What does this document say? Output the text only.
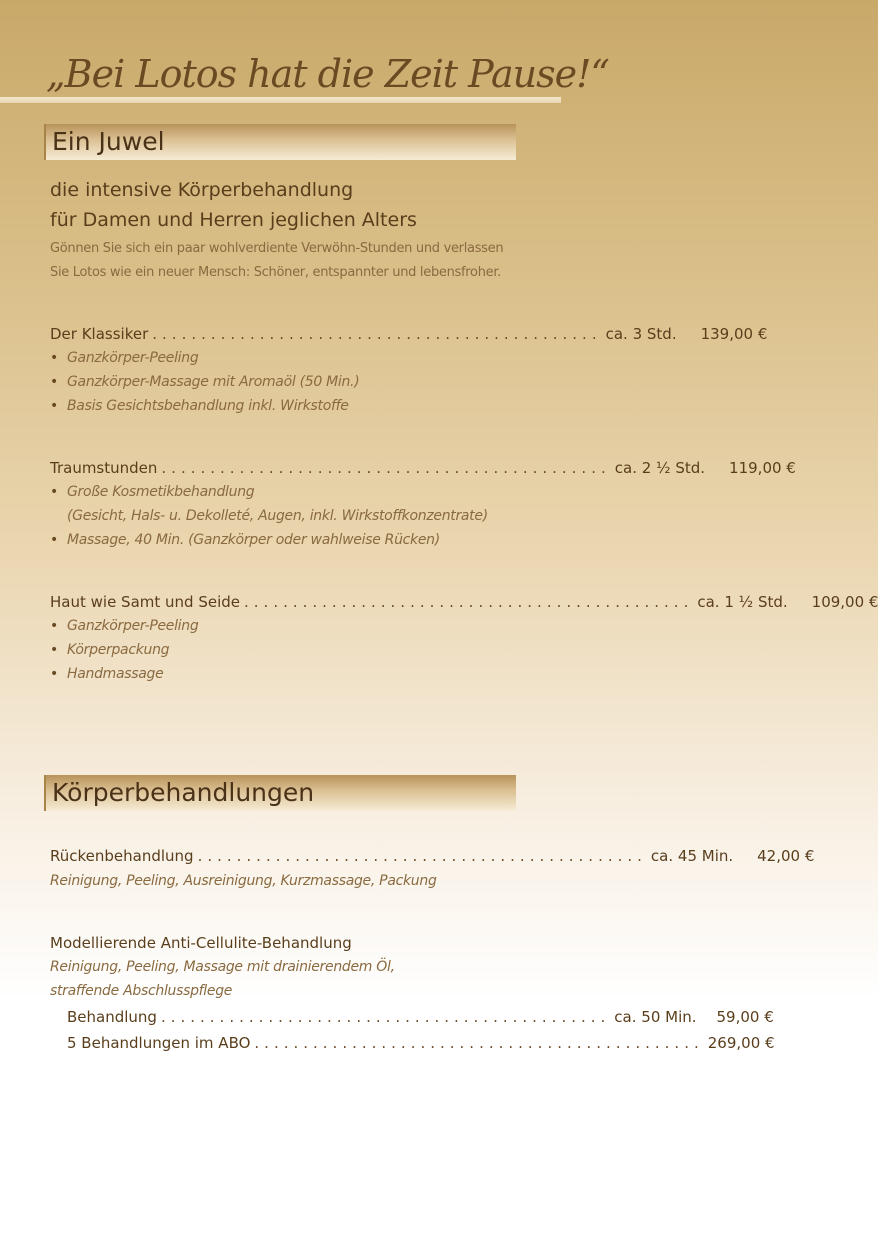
„Bei Lotos hat die Zeit Pause!“
Ein Juwel
die intensive Körperbehandlung
für Damen und Herren jeglichen Alters
Gönnen Sie sich ein paar wohlverdiente Verwöhn-Stunden und verlassen
Sie Lotos wie ein neuer Mensch: Schöner, entspannter und lebensfroher.
Der Klassiker .............................................. ca. 3 Std.	139,00 €
• Ganzkörper-Peeling
• Ganzkörper-Massage mit Aromaöl (50 Min.)
• Basis Gesichtsbehandlung inkl. Wirkstoffe
Traumstunden .............................................. ca. 2 ½ Std.	119,00 €
• Große Kosmetikbehandlung
(Gesicht, Hals- u. Dekolleté, Augen, inkl. Wirkstoffkonzentrate)
• Massage, 40 Min. (Ganzkörper oder wahlweise Rücken)
Haut wie Samt und Seide .............................................. ca. 1 ½ Std.	109,00 €
• Ganzkörper-Peeling
• Körperpackung
• Handmassage
Körperbehandlungen
Rückenbehandlung .............................................. ca. 45 Min.	42,00 €
Reinigung, Peeling, Ausreinigung, Kurzmassage, Packung
Modellierende Anti-Cellulite-Behandlung
Reinigung, Peeling, Massage mit drainierendem Öl,
straffende Abschlusspflege
Behandlung .............................................. ca. 50 Min.	59,00 €
5 Behandlungen im ABO .............................................. 269,00 €
